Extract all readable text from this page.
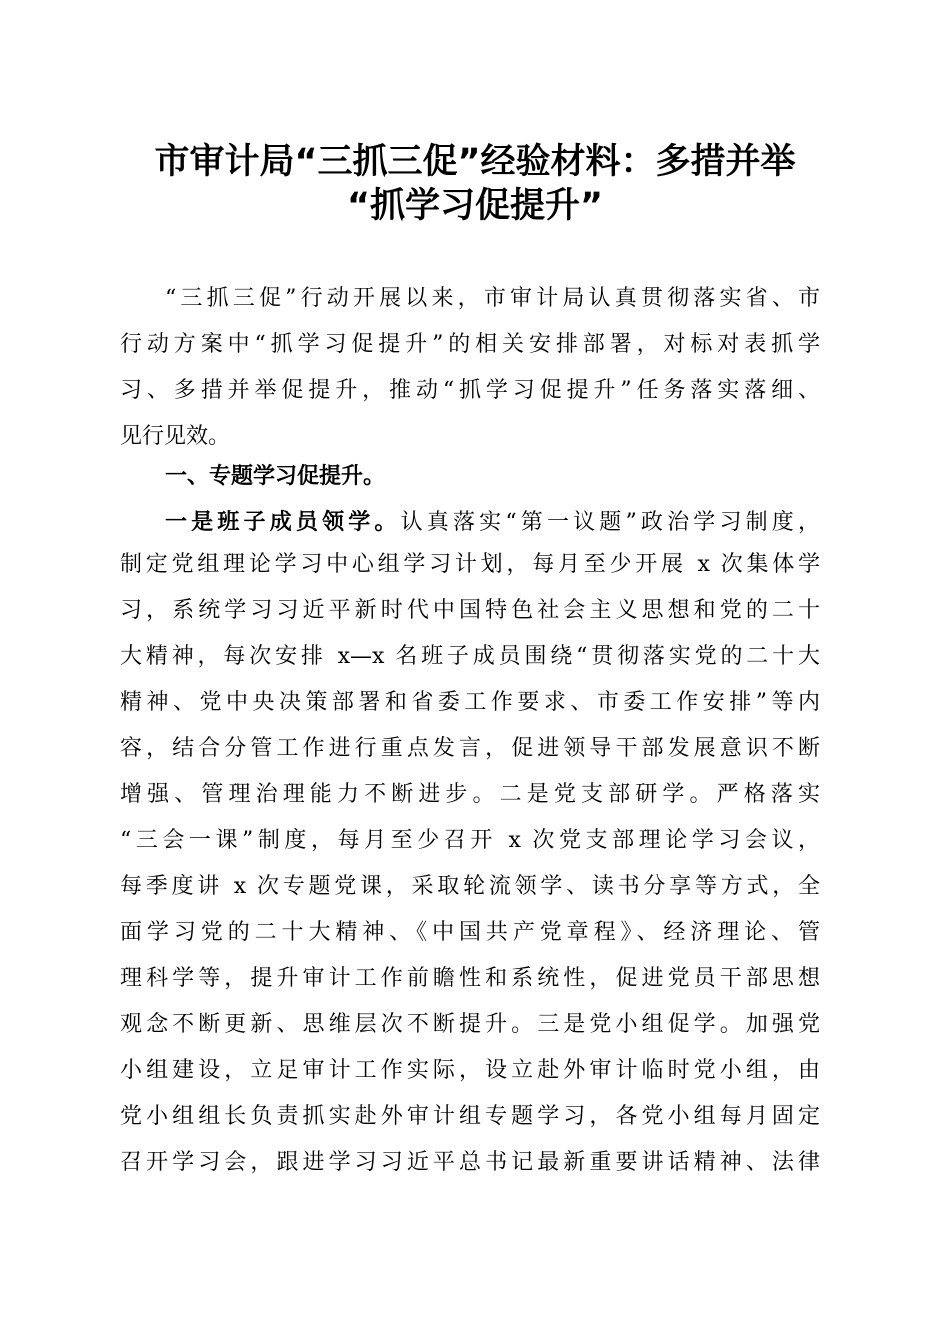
市审计局“三抓三促”经验材料：多措并举
“抓学习促提升”
“三抓三促”行动开展以来，市审计局认真贯彻落实省、市
行动方案中“抓学习促提升”的相关安排部署，对标对表抓学
习、多措并举促提升，推动“抓学习促提升”任务落实落细、
见行见效。
一、专题学习促提升。
一是班子成员领学。认真落实“第一议题”政治学习制度，
制定党组理论学习中心组学习计划，每月至少开展 x 次集体学
习，系统学习习近平新时代中国特色社会主义思想和党的二十
大精神，每次安排 x—x 名班子成员围绕“贯彻落实党的二十大
精神、党中央决策部署和省委工作要求、市委工作安排”等内
容，结合分管工作进行重点发言，促进领导干部发展意识不断
增强、管理治理能力不断进步。二是党支部研学。严格落实
“三会一课”制度，每月至少召开 x 次党支部理论学习会议，
每季度讲 x 次专题党课，采取轮流领学、读书分享等方式，全
面学习党的二十大精神、《中国共产党章程》、经济理论、管
理科学等，提升审计工作前瞻性和系统性，促进党员干部思想
观念不断更新、思维层次不断提升。三是党小组促学。加强党
小组建设，立足审计工作实际，设立赴外审计临时党小组，由
党小组组长负责抓实赴外审计组专题学习，各党小组每月固定
召开学习会，跟进学习习近平总书记最新重要讲话精神、法律
